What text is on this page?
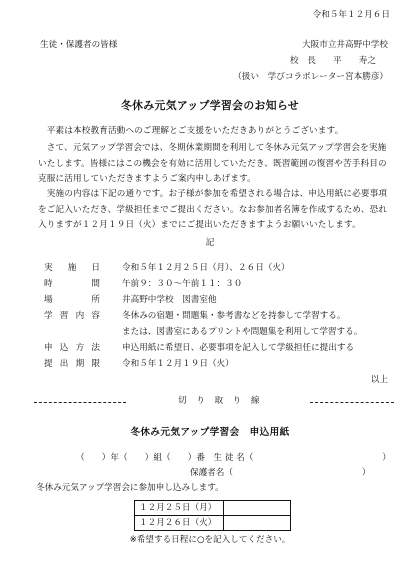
令和５年１２月６日
生徒・保護者の皆様	大阪市立井高野中学校
校　長　　平　　寿之
（扱い　学びコラボレーター宮本勝彦）
冬休み元気アップ学習会のお知らせ
　平素は本校教育活動へのご理解とご支援をいただきありがとうございます。
　さて、元気アップ学習会では、冬期休業期間を利用して冬休み元気アップ学習会を実施いたします。皆様にはこの機会を有効に活用していただき、既習範囲の復習や苦手科目の克服に活用していただきますようご案内申しあげます。
　実施の内容は下記の通りです。お子様が参加を希望される場合は、申込用紙に必要事項をご記入いただき、学級担任までご提出ください。なお参加者名簿を作成するため、恐れ入りますが１２月１９日（火）までにご提出いただきますようお願いいたします。
記
実施日	令和５年１２月２５日（月）、２６日（火）
時間	午前９：３０～午前１１：３０
場所	井高野中学校　図書室他
学習内容	冬休みの宿題・問題集・参考書などを持参して学習する。
または、図書室にあるプリントや問題集を利用して学習する。
申込方法	申込用紙に希望日、必要事項を記入して学級担任に提出する
提出期限	令和５年１２月１９日（火）
以上
切　り　取　り　線
冬休み元気アップ学習会　申込用紙
（　　）年（　　）組（　　）番　生 徒 名（　　　　　　　　　　　　　　　）
保護者名（　　　　　　　　　　　　　　　）
冬休み元気アップ学習会に参加申し込みします。
１２月２５日（月）	
１２月２６日（火）	
※希望する日程に○を記入してください。
